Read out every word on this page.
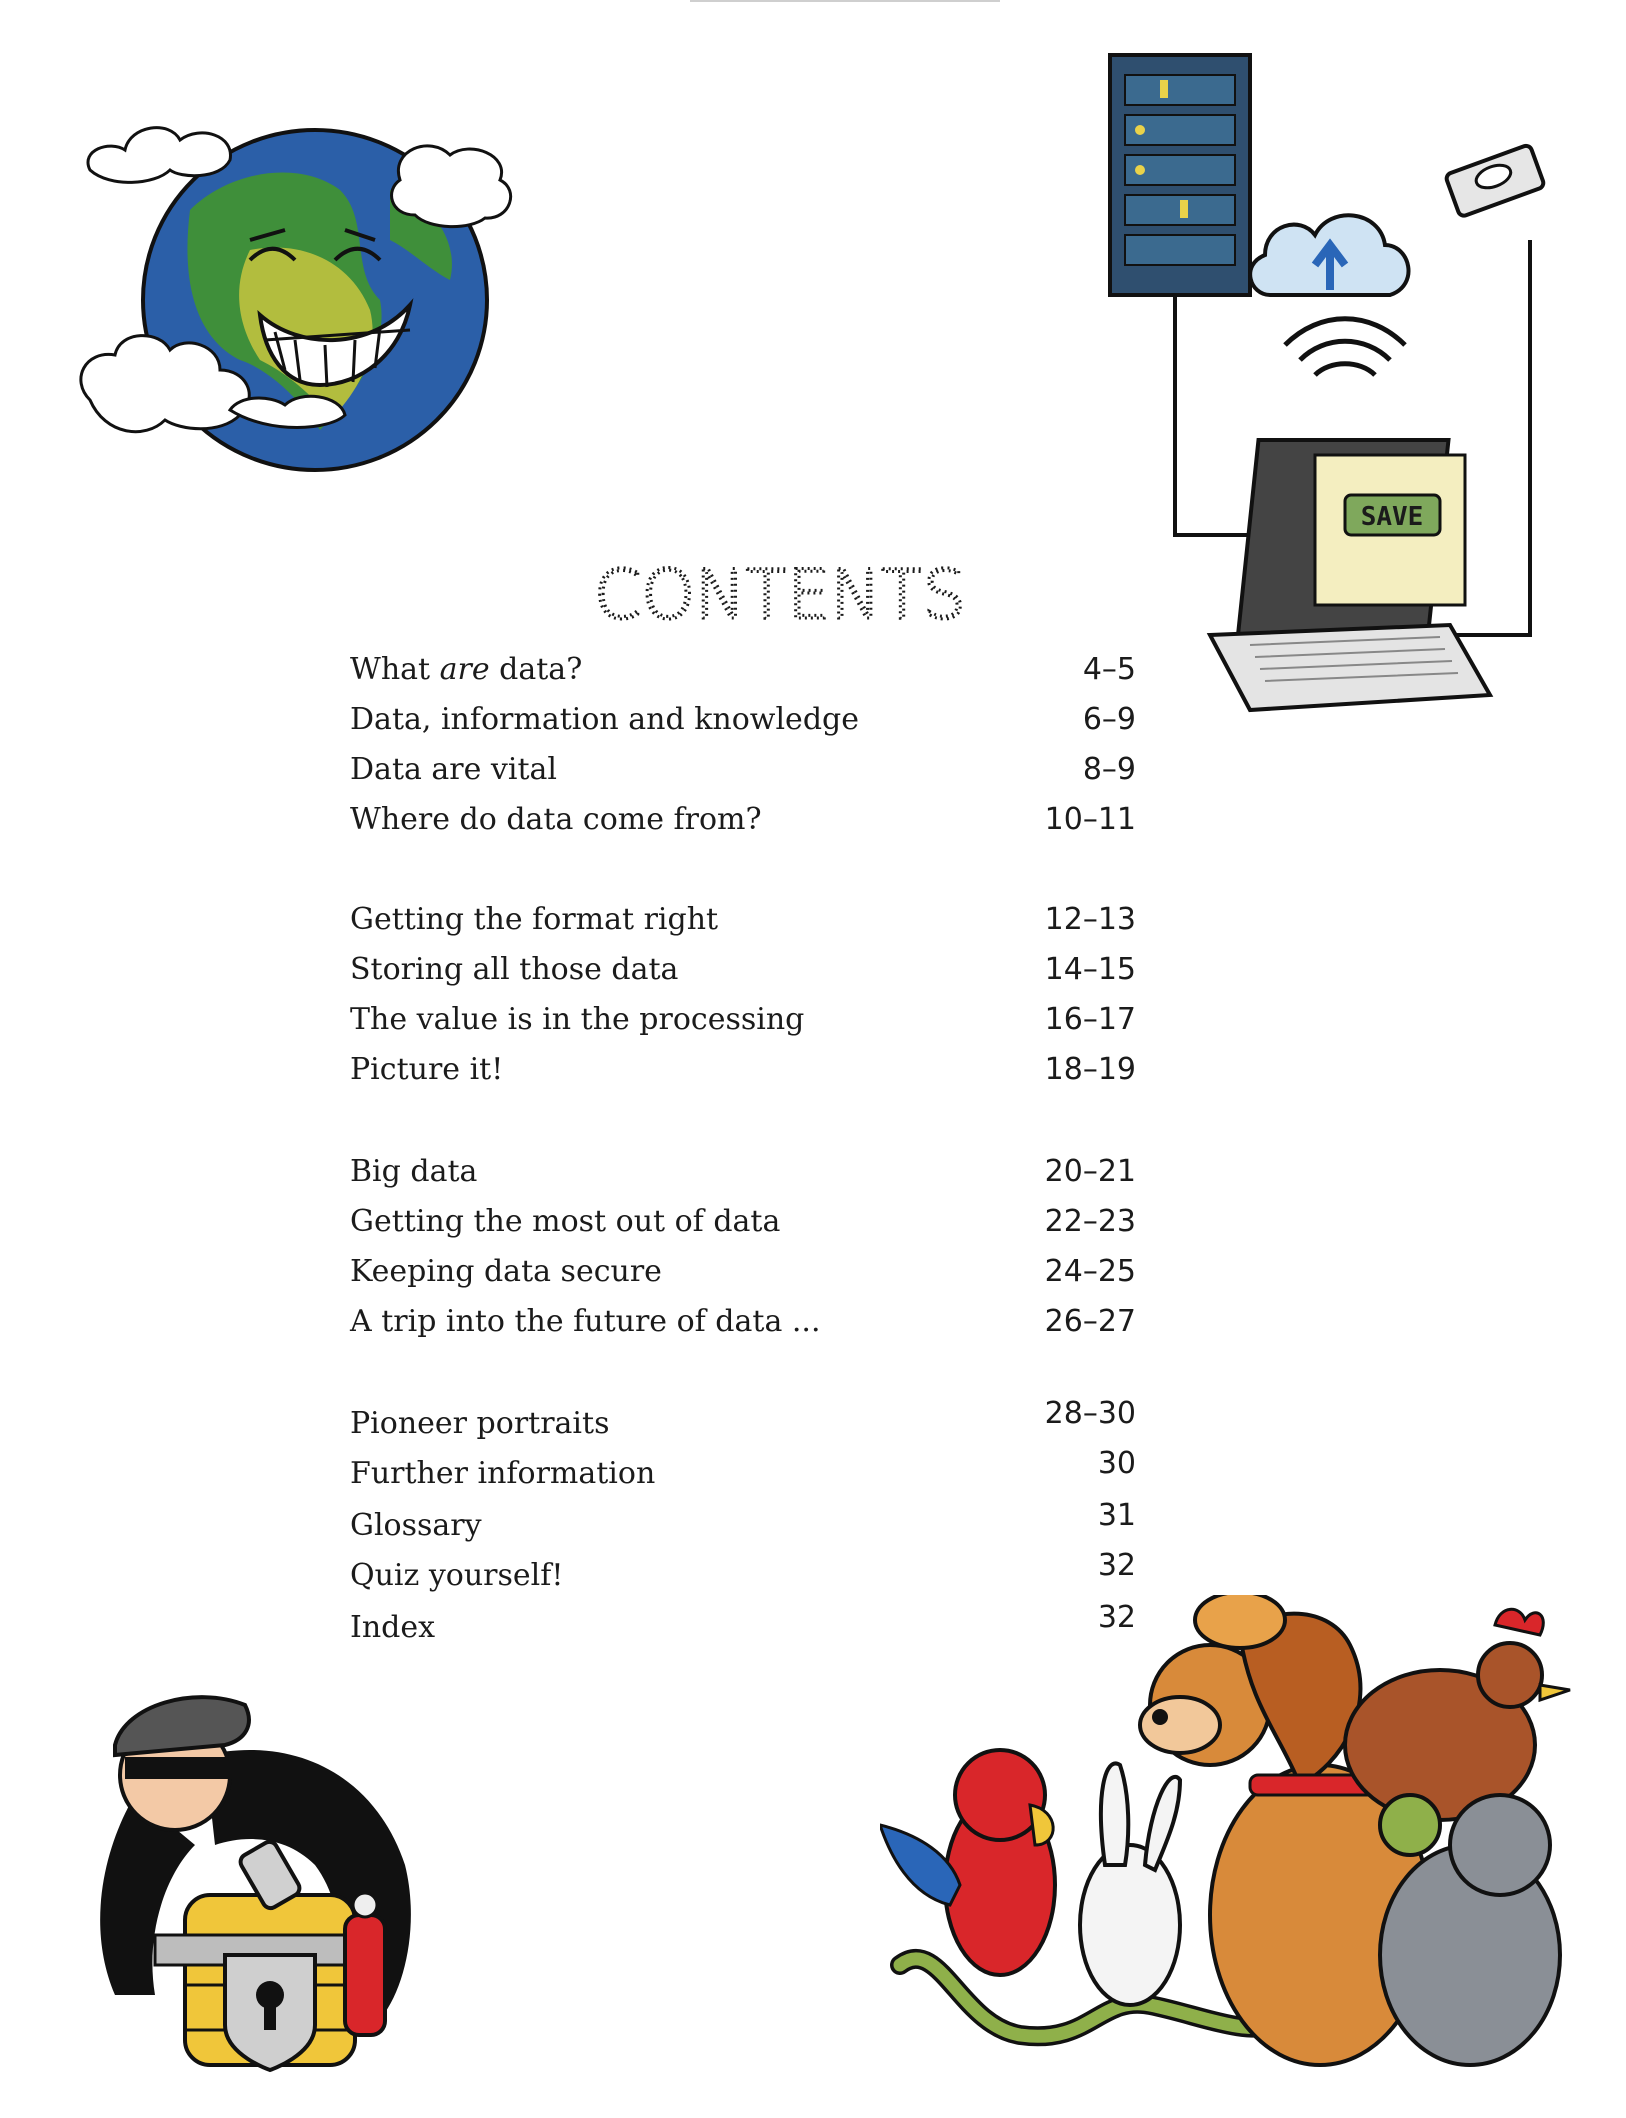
SAVE
CONTENTS
What are data?	4–5
Data, information and knowledge	6–9
Data are vital	8–9
Where do data come from?	10–11
Getting the format right	12–13
Storing all those data	14–15
The value is in the processing	16–17
Picture it!	18–19
Big data	20–21
Getting the most out of data	22–23
Keeping data secure	24–25
A trip into the future of data ...	26–27
Pioneer portraits	28–30
Further information	30
Glossary	31
Quiz yourself!	32
Index	32
